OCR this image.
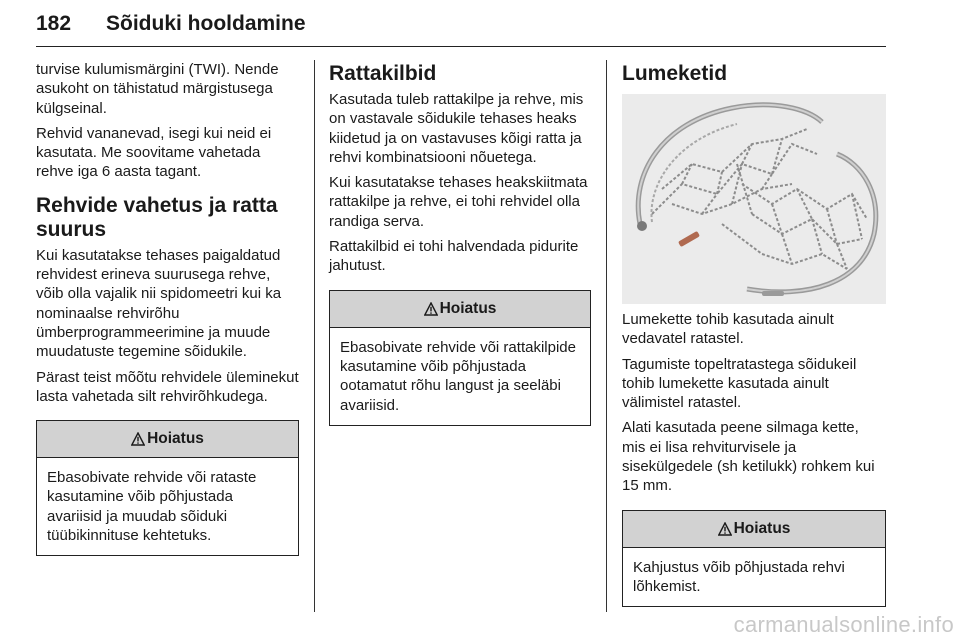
182 Sõiduki hooldamine

turvise kulumismärgini (TWI). Nende asukoht on tähistatud märgistusega külgseinal.

Rehvid vananevad, isegi kui neid ei kasutata. Me soovitame vahetada rehve iga 6 aasta tagant.

Rehvide vahetus ja ratta suurus

Kui kasutatakse tehases paigaldatud rehvidest erineva suurusega rehve, võib olla vajalik nii spidomeetri kui ka nominaalse rehvirõhu ümberprogrammeerimine ja muude muudatuste tegemine sõidukile.

Pärast teist mõõtu rehvidele üleminekut lasta vahetada silt rehvirõhkudega.

Hoiatus
Ebasobivate rehvide või rataste kasutamine võib põhjustada avariisid ja muudab sõiduki tüübikinnituse kehtetuks.
Rattakilbid

Kasutada tuleb rattakilpe ja rehve, mis on vastavale sõidukile tehases heaks kiidetud ja on vastavuses kõigi ratta ja rehvi kombinatsiooni nõuetega.

Kui kasutatakse tehases heakskiitmata rattakilpe ja rehve, ei tohi rehvidel olla randiga serva.

Rattakilbid ei tohi halvendada pidurite jahutust.

Hoiatus
Ebasobivate rehvide või rattakilpide kasutamine võib põhjustada ootamatut rõhu langust ja seeläbi avariisid.
Lumeketid

Lumekette tohib kasutada ainult vedavatel ratastel.

Tagumiste topeltratastega sõidukeil tohib lumekette kasutada ainult välimistel ratastel.

Alati kasutada peene silmaga kette, mis ei lisa rehviturvisele ja sisekülgedele (sh ketilukk) rohkem kui 15 mm.

Hoiatus
Kahjustus võib põhjustada rehvi lõhkemist.
carmanualsonline.info
